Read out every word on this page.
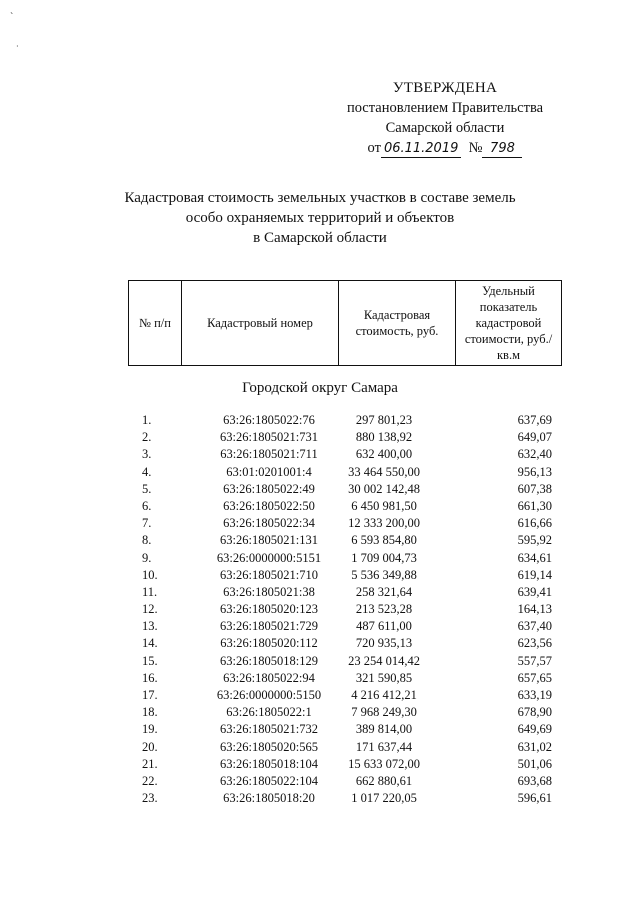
`
·
УТВЕРЖДЕНА
постановлением Правительства
Самарской области
от 06.11.2019 № 798
Кадастровая стоимость земельных участков в составе земель
особо охраняемых территорий и объектов
в Самарской области
№ п/п	Кадастровый номер	Кадастровая стоимость, руб.	Удельный показатель кадастровой стоимости, руб./кв.м
Городской округ Самара
1.	63:26:1805022:76	297 801,23	637,69
2.	63:26:1805021:731	880 138,92	649,07
3.	63:26:1805021:711	632 400,00	632,40
4.	63:01:0201001:4	33 464 550,00	956,13
5.	63:26:1805022:49	30 002 142,48	607,38
6.	63:26:1805022:50	6 450 981,50	661,30
7.	63:26:1805022:34	12 333 200,00	616,66
8.	63:26:1805021:131	6 593 854,80	595,92
9.	63:26:0000000:5151	1 709 004,73	634,61
10.	63:26:1805021:710	5 536 349,88	619,14
11.	63:26:1805021:38	258 321,64	639,41
12.	63:26:1805020:123	213 523,28	164,13
13.	63:26:1805021:729	487 611,00	637,40
14.	63:26:1805020:112	720 935,13	623,56
15.	63:26:1805018:129	23 254 014,42	557,57
16.	63:26:1805022:94	321 590,85	657,65
17.	63:26:0000000:5150	4 216 412,21	633,19
18.	63:26:1805022:1	7 968 249,30	678,90
19.	63:26:1805021:732	389 814,00	649,69
20.	63:26:1805020:565	171 637,44	631,02
21.	63:26:1805018:104	15 633 072,00	501,06
22.	63:26:1805022:104	662 880,61	693,68
23.	63:26:1805018:20	1 017 220,05	596,61
